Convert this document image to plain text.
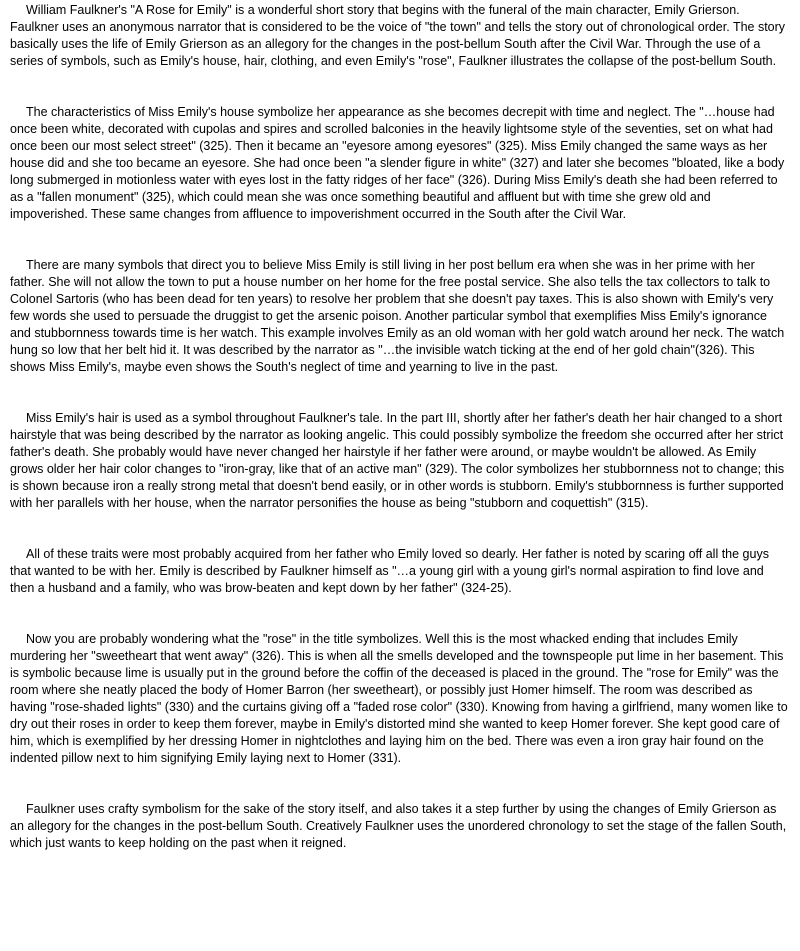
William Faulkner's "A Rose for Emily" is a wonderful short story that begins with the funeral of the main character, Emily Grierson. Faulkner uses an anonymous narrator that is considered to be the voice of "the town" and tells the story out of chronological order. The story basically uses the life of Emily Grierson as an allegory for the changes in the post-bellum South after the Civil War. Through the use of a series of symbols, such as Emily's house, hair, clothing, and even Emily's "rose", Faulkner illustrates the collapse of the post-bellum South.

The characteristics of Miss Emily's house symbolize her appearance as she becomes decrepit with time and neglect. The "…house had once been white, decorated with cupolas and spires and scrolled balconies in the heavily lightsome style of the seventies, set on what had once been our most select street" (325). Then it became an "eyesore among eyesores" (325). Miss Emily changed the same ways as her house did and she too became an eyesore. She had once been "a slender figure in white" (327) and later she becomes "bloated, like a body long submerged in motionless water with eyes lost in the fatty ridges of her face" (326). During Miss Emily's death she had been referred to as a "fallen monument" (325), which could mean she was once something beautiful and affluent but with time she grew old and impoverished. These same changes from affluence to impoverishment occurred in the South after the Civil War.

There are many symbols that direct you to believe Miss Emily is still living in her post bellum era when she was in her prime with her father. She will not allow the town to put a house number on her home for the free postal service. She also tells the tax collectors to talk to Colonel Sartoris (who has been dead for ten years) to resolve her problem that she doesn't pay taxes. This is also shown with Emily's very few words she used to persuade the druggist to get the arsenic poison. Another particular symbol that exemplifies Miss Emily's ignorance and stubbornness towards time is her watch. This example involves Emily as an old woman with her gold watch around her neck. The watch hung so low that her belt hid it. It was described by the narrator as "…the invisible watch ticking at the end of her gold chain"(326). This shows Miss Emily's, maybe even shows the South's neglect of time and yearning to live in the past.

Miss Emily's hair is used as a symbol throughout Faulkner's tale. In the part III, shortly after her father's death her hair changed to a short hairstyle that was being described by the narrator as looking angelic. This could possibly symbolize the freedom she occurred after her strict father's death. She probably would have never changed her hairstyle if her father were around, or maybe wouldn't be allowed. As Emily grows older her hair color changes to "iron-gray, like that of an active man" (329). The color symbolizes her stubbornness not to change; this is shown because iron a really strong metal that doesn't bend easily, or in other words is stubborn. Emily's stubbornness is further supported with her parallels with her house, when the narrator personifies the house as being "stubborn and coquettish" (315).

All of these traits were most probably acquired from her father who Emily loved so dearly. Her father is noted by scaring off all the guys that wanted to be with her. Emily is described by Faulkner himself as "…a young girl with a young girl's normal aspiration to find love and then a husband and a family, who was brow-beaten and kept down by her father" (324-25).

Now you are probably wondering what the "rose" in the title symbolizes. Well this is the most whacked ending that includes Emily murdering her "sweetheart that went away" (326). This is when all the smells developed and the townspeople put lime in her basement. This is symbolic because lime is usually put in the ground before the coffin of the deceased is placed in the ground. The "rose for Emily" was the room where she neatly placed the body of Homer Barron (her sweetheart), or possibly just Homer himself. The room was described as having "rose-shaded lights" (330) and the curtains giving off a "faded rose color" (330). Knowing from having a girlfriend, many women like to dry out their roses in order to keep them forever, maybe in Emily's distorted mind she wanted to keep Homer forever. She kept good care of him, which is exemplified by her dressing Homer in nightclothes and laying him on the bed. There was even a iron gray hair found on the indented pillow next to him signifying Emily laying next to Homer (331).

Faulkner uses crafty symbolism for the sake of the story itself, and also takes it a step further by using the changes of Emily Grierson as an allegory for the changes in the post-bellum South. Creatively Faulkner uses the unordered chronology to set the stage of the fallen South, which just wants to keep holding on the past when it reigned.
